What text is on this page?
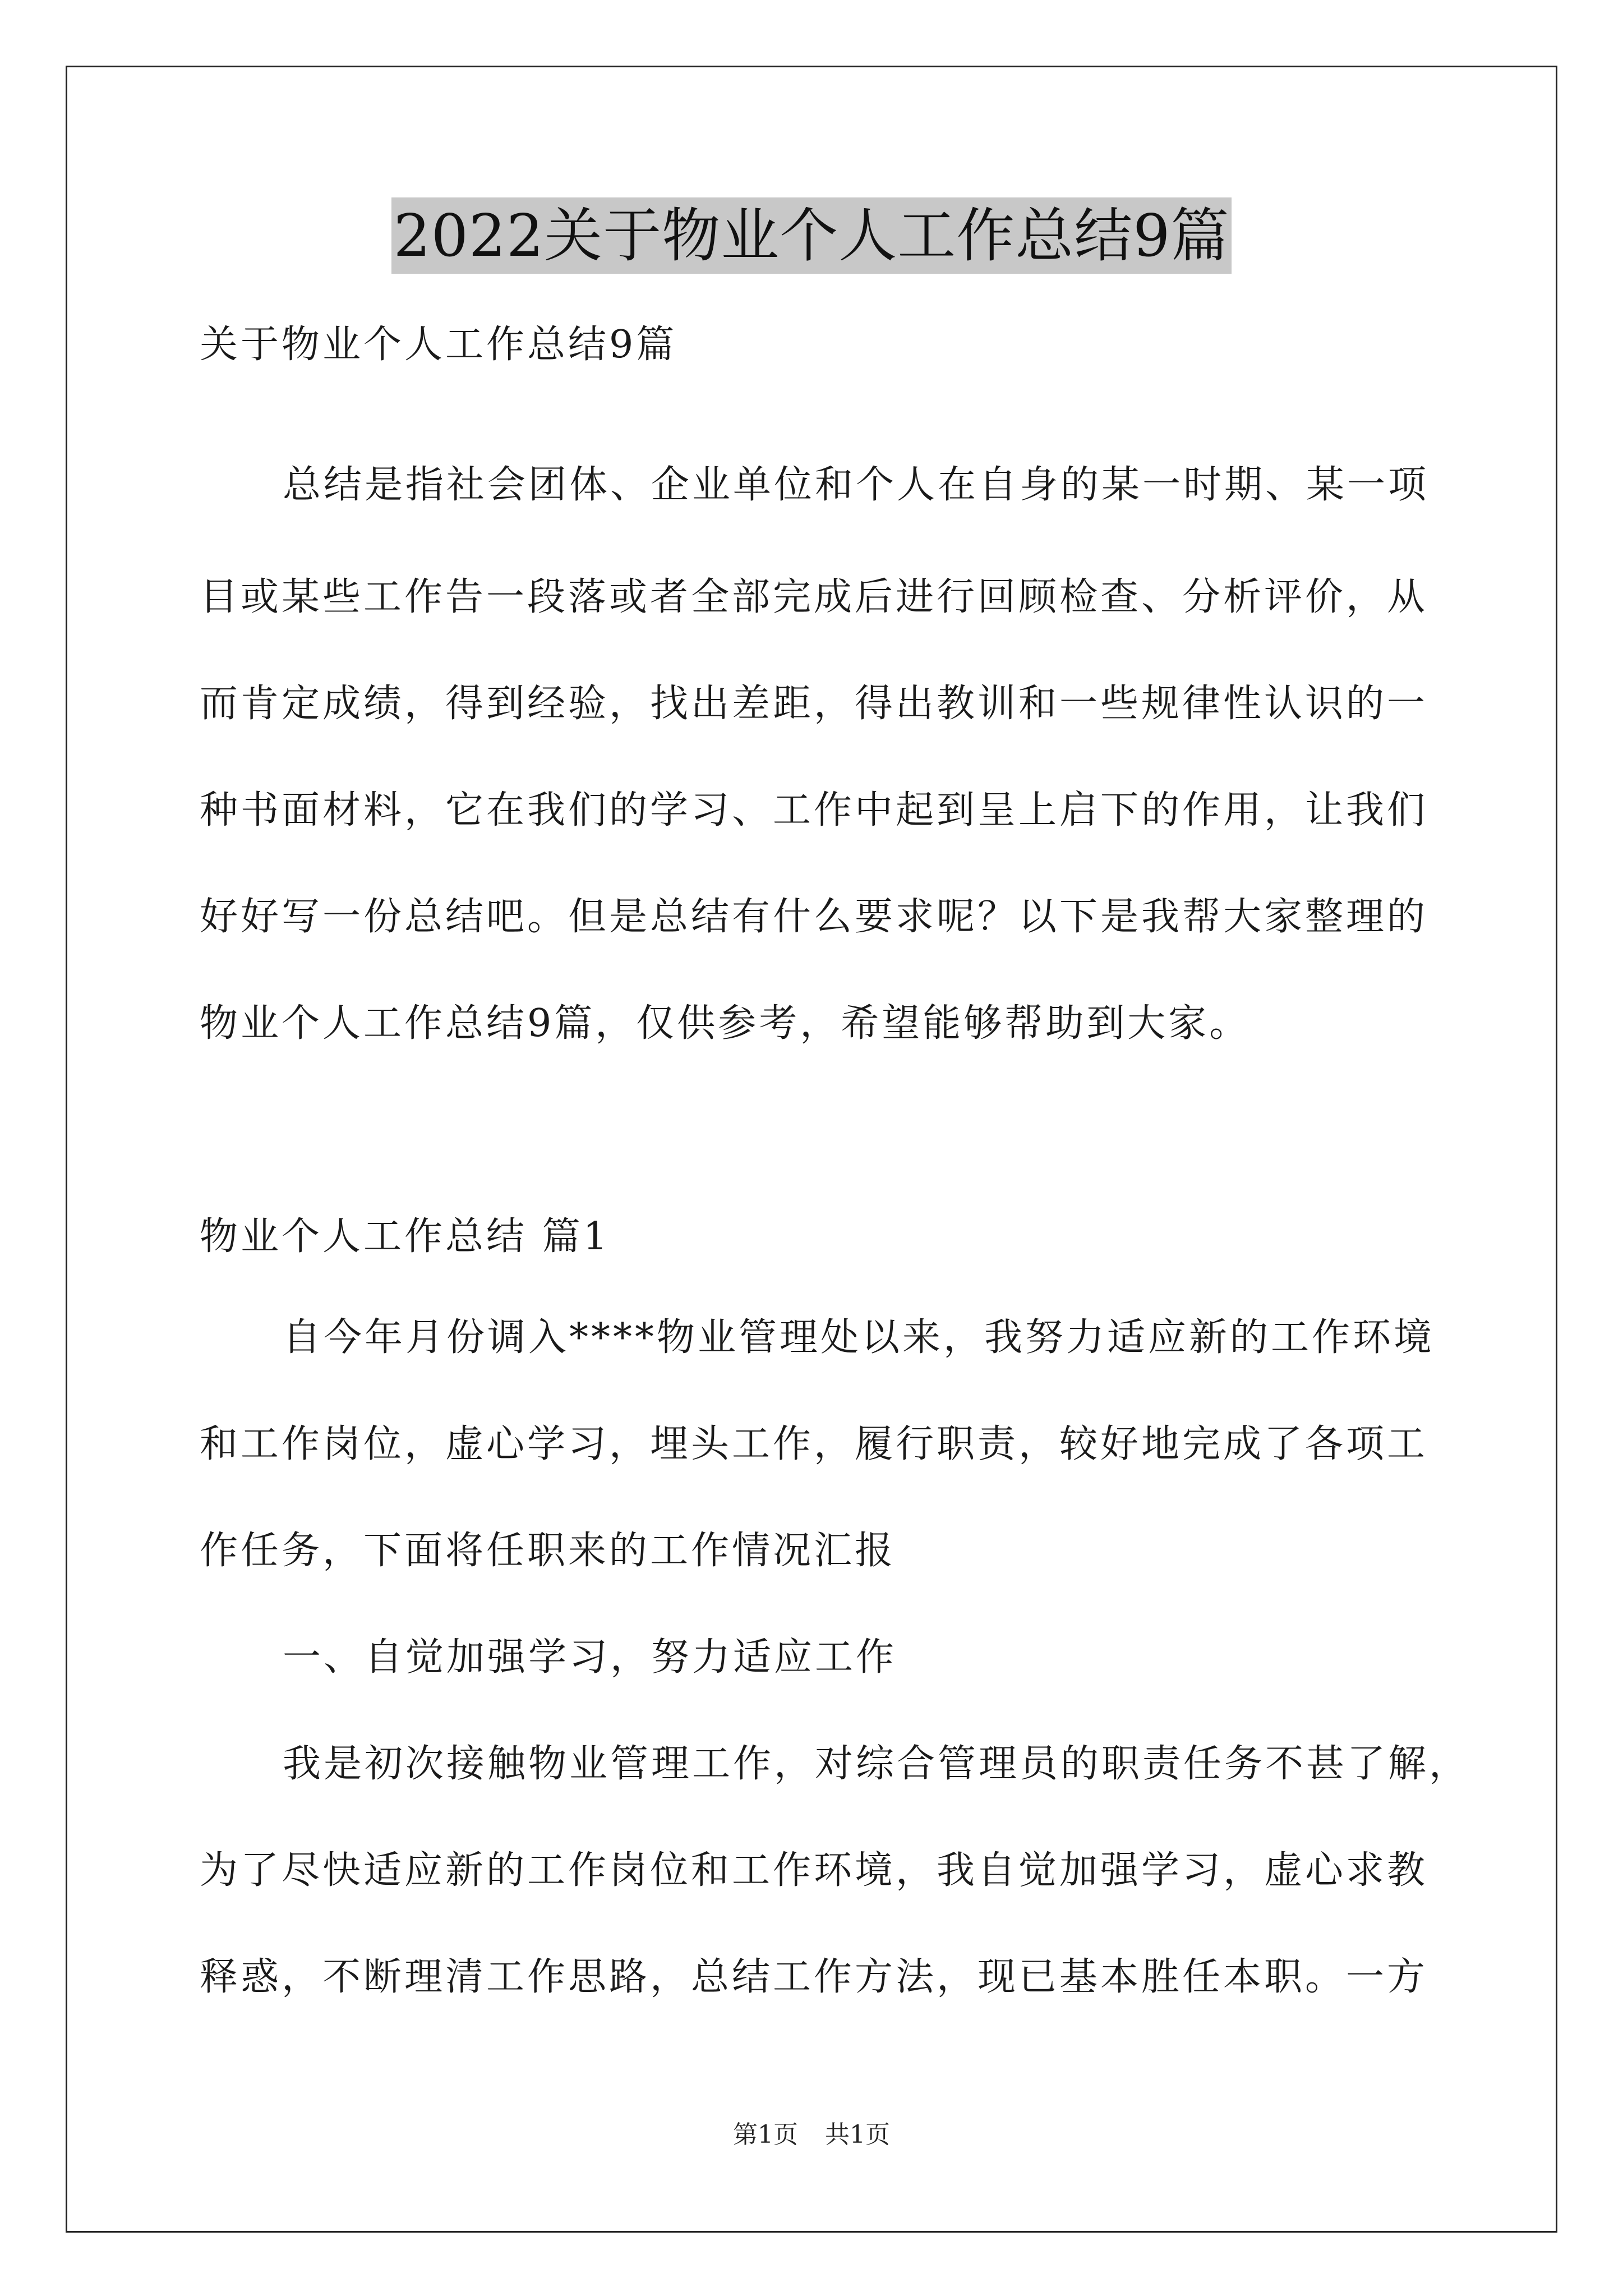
2022关于物业个人工作总结9篇
关于物业个人工作总结9篇
总结是指社会团体、企业单位和个人在自身的某一时期、某一项
目或某些工作告一段落或者全部完成后进行回顾检查、分析评价，从
而肯定成绩，得到经验，找出差距，得出教训和一些规律性认识的一
种书面材料，它在我们的学习、工作中起到呈上启下的作用，让我们
好好写一份总结吧。但是总结有什么要求呢？以下是我帮大家整理的
物业个人工作总结9篇，仅供参考，希望能够帮助到大家。
物业个人工作总结 篇1
自今年月份调入****物业管理处以来，我努力适应新的工作环境
和工作岗位，虚心学习，埋头工作，履行职责，较好地完成了各项工
作任务，下面将任职来的工作情况汇报
一、自觉加强学习，努力适应工作
我是初次接触物业管理工作，对综合管理员的职责任务不甚了解，
为了尽快适应新的工作岗位和工作环境，我自觉加强学习，虚心求教
释惑，不断理清工作思路，总结工作方法，现已基本胜任本职。一方
第1页 共1页
